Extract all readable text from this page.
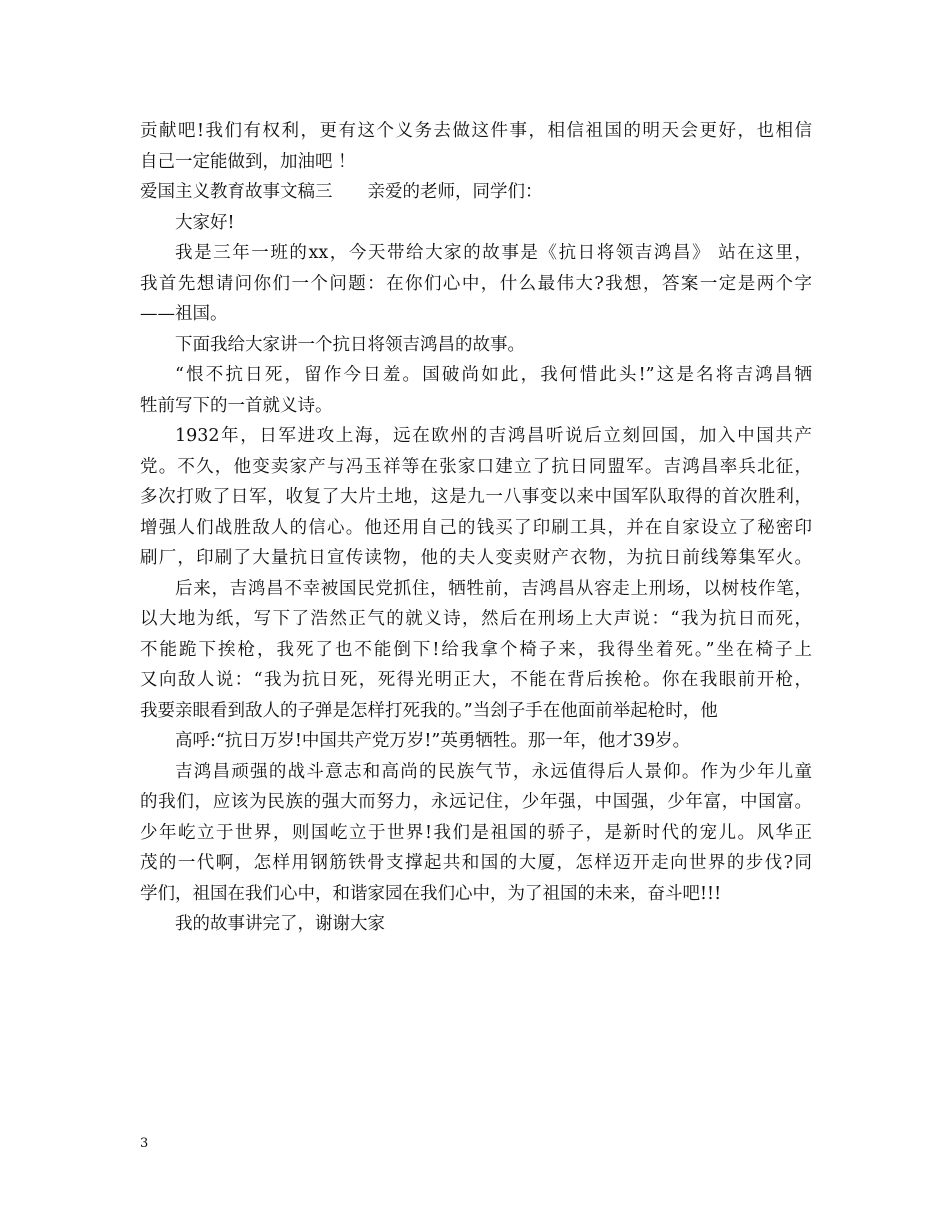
贡献吧!我们有权利，更有这个义务去做这件事，相信祖国的明天会更好，也相信
自己一定能做到，加油吧 ！
爱国主义教育故事文稿三　　亲爱的老师，同学们：
大家好!
我是三年一班的xx，今天带给大家的故事是《抗日将领吉鸿昌》 站在这里，
我首先想请问你们一个问题：在你们心中，什么最伟大?我想，答案一定是两个字
——祖国。
下面我给大家讲一个抗日将领吉鸿昌的故事。
“恨不抗日死，留作今日羞。国破尚如此，我何惜此头!”这是名将吉鸿昌牺
牲前写下的一首就义诗。
1932年，日军进攻上海，远在欧州的吉鸿昌听说后立刻回国，加入中国共产
党。不久，他变卖家产与冯玉祥等在张家口建立了抗日同盟军。吉鸿昌率兵北征，
多次打败了日军，收复了大片土地，这是九一八事变以来中国军队取得的首次胜利，
增强人们战胜敌人的信心。他还用自己的钱买了印刷工具，并在自家设立了秘密印
刷厂，印刷了大量抗日宣传读物，他的夫人变卖财产衣物，为抗日前线筹集军火。
后来，吉鸿昌不幸被国民党抓住，牺牲前，吉鸿昌从容走上刑场，以树枝作笔，
以大地为纸，写下了浩然正气的就义诗，然后在刑场上大声说：“我为抗日而死，
不能跪下挨枪，我死了也不能倒下!给我拿个椅子来，我得坐着死。”坐在椅子上
又向敌人说：“我为抗日死，死得光明正大，不能在背后挨枪。你在我眼前开枪，
我要亲眼看到敌人的子弹是怎样打死我的。”当刽子手在他面前举起枪时，他
高呼:“抗日万岁!中国共产党万岁!”英勇牺牲。那一年，他才39岁。
吉鸿昌顽强的战斗意志和高尚的民族气节，永远值得后人景仰。作为少年儿童
的我们，应该为民族的强大而努力，永远记住，少年强，中国强，少年富，中国富。
少年屹立于世界，则国屹立于世界!我们是祖国的骄子，是新时代的宠儿。风华正
茂的一代啊，怎样用钢筋铁骨支撑起共和国的大厦，怎样迈开走向世界的步伐?同
学们，祖国在我们心中，和谐家园在我们心中，为了祖国的未来，奋斗吧!!!
我的故事讲完了，谢谢大家
3
